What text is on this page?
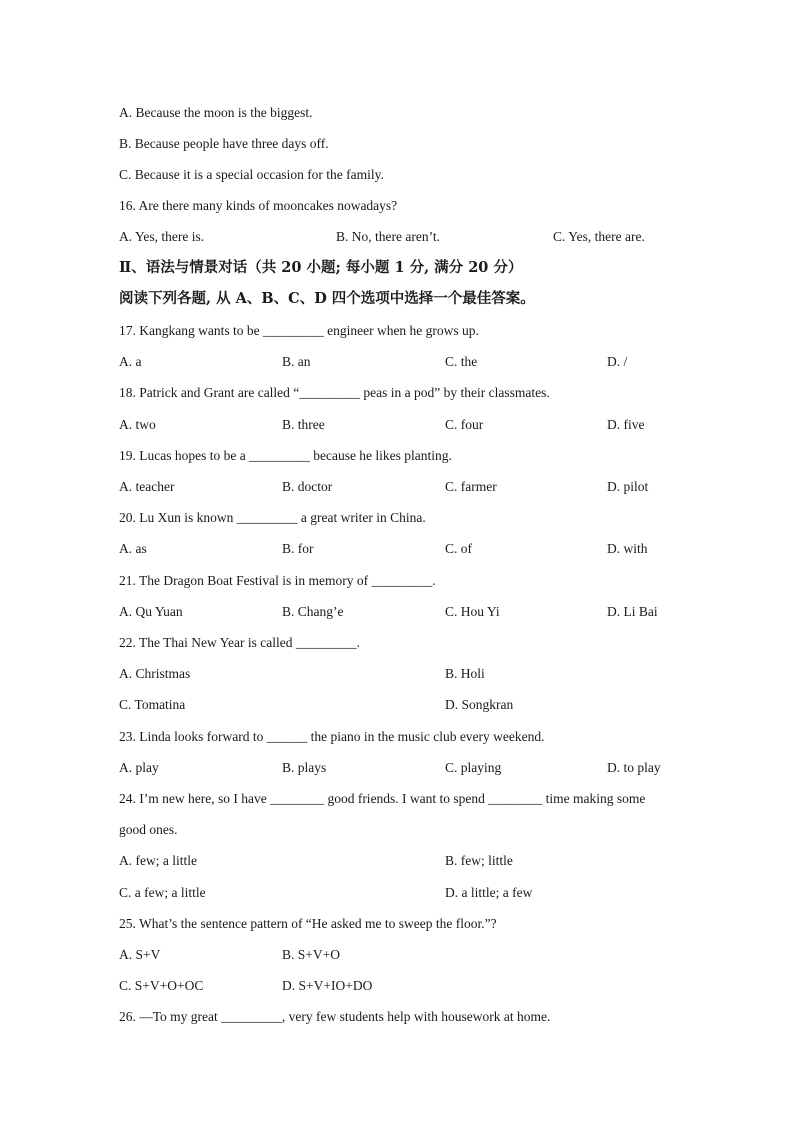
A. Because the moon is the biggest.
B. Because people have three days off.
C. Because it is a special occasion for the family.
16. Are there many kinds of mooncakes nowadays?
A. Yes, there is.	B. No, there aren’t.	C. Yes, there are.
Ⅱ、语法与情景对话（共 20 小题; 每小题 1 分, 满分 20 分）
阅读下列各题, 从 A、B、C、D 四个选项中选择一个最佳答案。
17. Kangkang wants to be _________ engineer when he grows up.
A. a	B. an	C. the	D. /
18. Patrick and Grant are called “_________ peas in a pod” by their classmates.
A. two	B. three	C. four	D. five
19. Lucas hopes to be a _________ because he likes planting.
A. teacher	B. doctor	C. farmer	D. pilot
20. Lu Xun is known _________ a great writer in China.
A. as	B. for	C. of	D. with
21. The Dragon Boat Festival is in memory of _________.
A. Qu Yuan	B. Chang’e	C. Hou Yi	D. Li Bai
22. The Thai New Year is called _________.
A. Christmas	B. Holi
C. Tomatina	D. Songkran
23. Linda looks forward to ______ the piano in the music club every weekend.
A. play	B. plays	C. playing	D. to play
24. I’m new here, so I have ________ good friends. I want to spend ________ time making some
good ones.
A. few; a little	B. few; little
C. a few; a little	D. a little; a few
25. What’s the sentence pattern of “He asked me to sweep the floor.”?
A. S+V	B. S+V+O
C. S+V+O+OC	D. S+V+IO+DO
26. —To my great _________, very few students help with housework at home.
